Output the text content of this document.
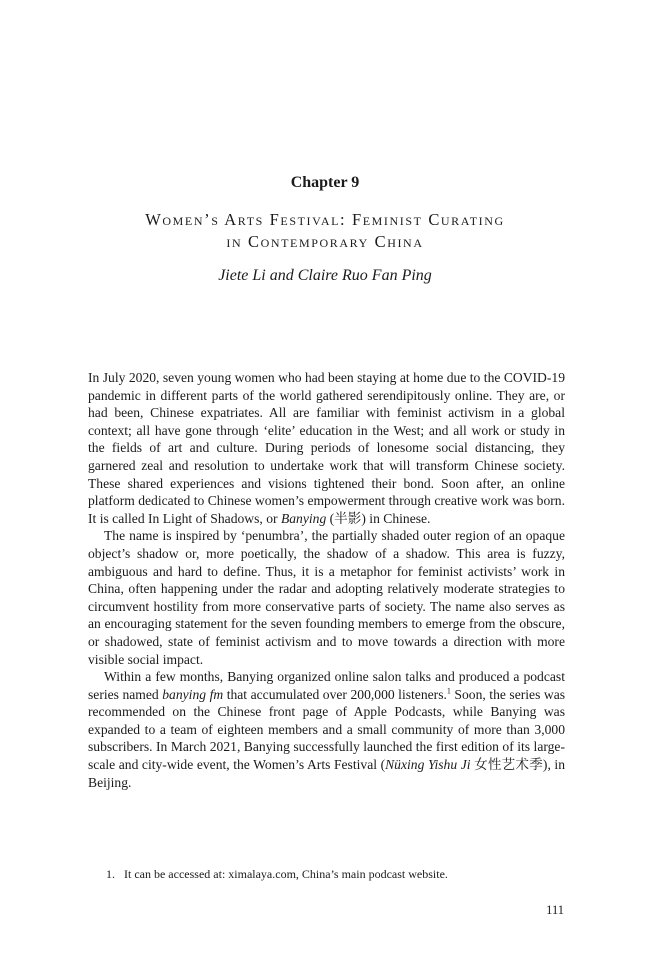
Chapter 9
Women’s Arts Festival: Feminist Curating
in Contemporary China
Jiete Li and Claire Ruo Fan Ping

In July 2020, seven young women who had been staying at home due to the COVID-19 pandemic in different parts of the world gathered serendipitously online. They are, or had been, Chinese expatriates. All are familiar with feminist activism in a global context; all have gone through ‘elite’ education in the West; and all work or study in the fields of art and culture. During periods of lonesome social distancing, they garnered zeal and resolution to undertake work that will transform Chinese society. These shared experiences and visions tightened their bond. Soon after, an online platform dedicated to Chinese women’s empowerment through creative work was born. It is called In Light of Shadows, or Banying (半影) in Chinese.

The name is inspired by ‘penumbra’, the partially shaded outer region of an opaque object’s shadow or, more poetically, the shadow of a shadow. This area is fuzzy, ambiguous and hard to define. Thus, it is a metaphor for feminist activists’ work in China, often happening under the radar and adopting relatively moderate strategies to circumvent hostility from more conservative parts of society. The name also serves as an encouraging statement for the seven founding members to emerge from the obscure, or shadowed, state of feminist activism and to move towards a direction with more visible social impact.

Within a few months, Banying organized online salon talks and produced a podcast series named banying fm that accumulated over 200,000 listeners.$^1$ Soon, the series was recommended on the Chinese front page of Apple Podcasts, while Banying was expanded to a team of eighteen members and a small community of more than 3,000 subscribers. In March 2021, Banying successfully launched the first edition of its large-scale and city-wide event, the Women’s Arts Festival (Nüxing Yishu Ji 女性艺术季), in Beijing.

1. It can be accessed at: ximalaya.com, China’s main podcast website.
111
